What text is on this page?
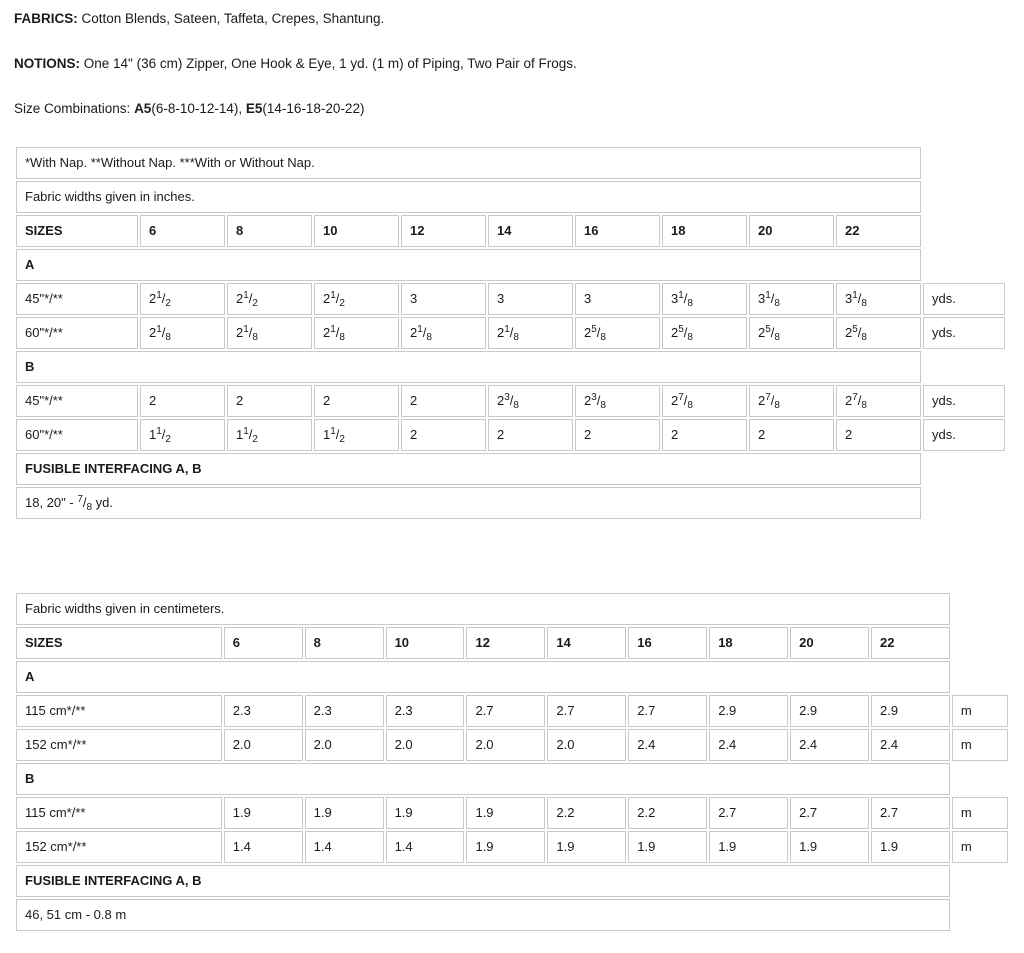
FABRICS: Cotton Blends, Sateen, Taffeta, Crepes, Shantung.

NOTIONS: One 14" (36 cm) Zipper, One Hook & Eye, 1 yd. (1 m) of Piping, Two Pair of Frogs.

Size Combinations: A5(6-8-10-12-14), E5(14-16-18-20-22)

*With Nap. **Without Nap. ***With or Without Nap.										
Fabric widths given in inches.										
SIZES	6	8	10	12	14	16	18	20	22	
A										
45"*/**	$2^1/_2$	$2^1/_2$	$2^1/_2$	3	3	3	$3^1/_8$	$3^1/_8$	$3^1/_8$	yds.
60"*/**	$2^1/_8$	$2^1/_8$	$2^1/_8$	$2^1/_8$	$2^1/_8$	$2^5/_8$	$2^5/_8$	$2^5/_8$	$2^5/_8$	yds.
B										
45"*/**	2	2	2	2	$2^3/_8$	$2^3/_8$	$2^7/_8$	$2^7/_8$	$2^7/_8$	yds.
60"*/**	$1^1/_2$	$1^1/_2$	$1^1/_2$	2	2	2	2	2	2	yds.
FUSIBLE INTERFACING A, B										
18, 20" - $^7/_8$ yd.										
Fabric widths given in centimeters.										
SIZES	6	8	10	12	14	16	18	20	22	
A										
115 cm*/**	2.3	2.3	2.3	2.7	2.7	2.7	2.9	2.9	2.9	m
152 cm*/**	2.0	2.0	2.0	2.0	2.0	2.4	2.4	2.4	2.4	m
B										
115 cm*/**	1.9	1.9	1.9	1.9	2.2	2.2	2.7	2.7	2.7	m
152 cm*/**	1.4	1.4	1.4	1.9	1.9	1.9	1.9	1.9	1.9	m
FUSIBLE INTERFACING A, B										
46, 51 cm - 0.8 m										
